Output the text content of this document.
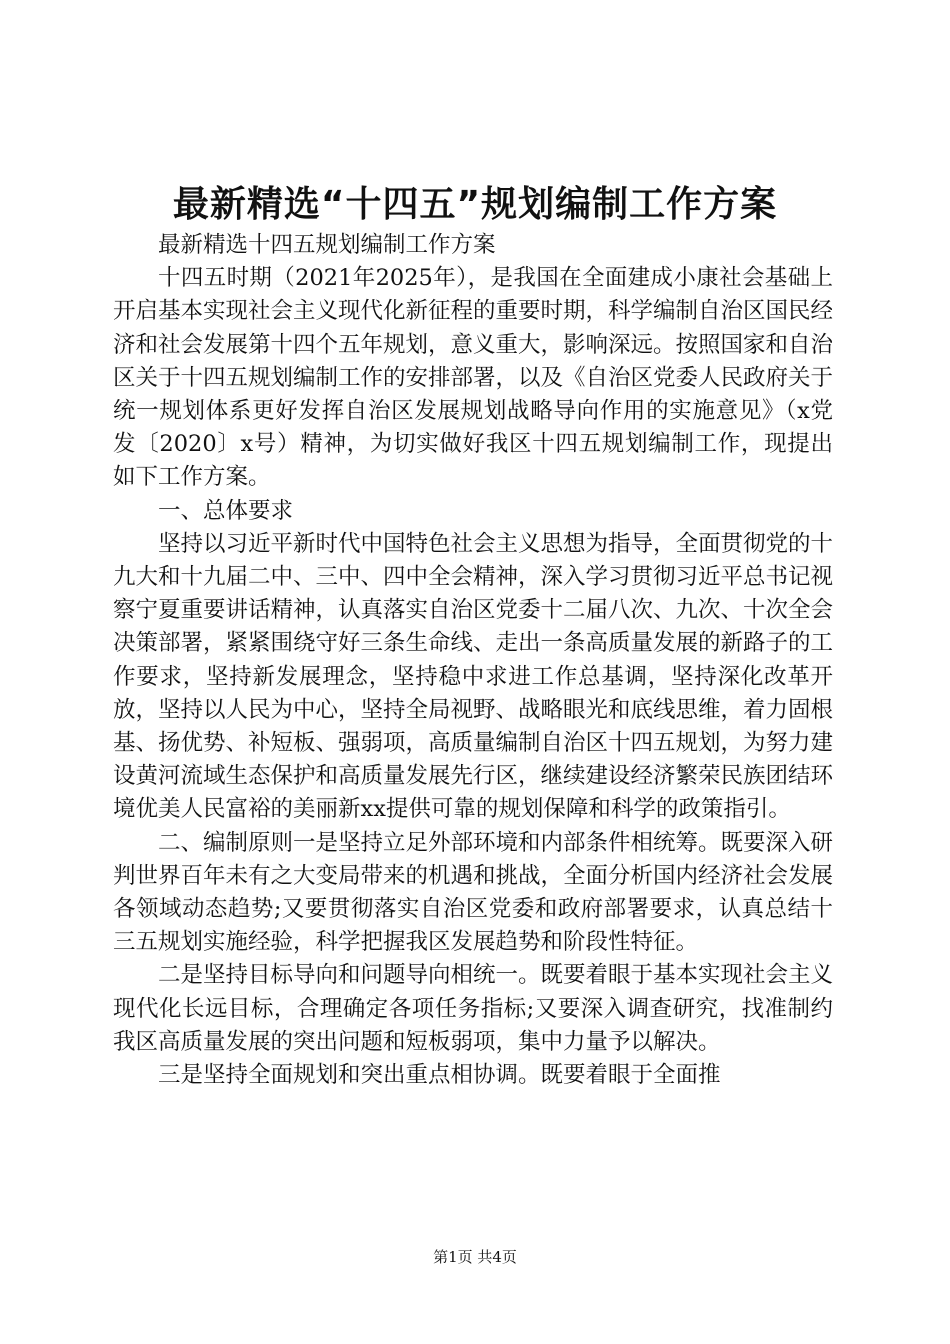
最新精选“十四五”规划编制工作方案

最新精选十四五规划编制工作方案

十四五时期（2021年2025年），是我国在全面建成小康社会基础上开启基本实现社会主义现代化新征程的重要时期，科学编制自治区国民经济和社会发展第十四个五年规划，意义重大，影响深远。按照国家和自治区关于十四五规划编制工作的安排部署，以及《自治区党委人民政府关于统一规划体系更好发挥自治区发展规划战略导向作用的实施意见》（x党发〔2020〕x号）精神，为切实做好我区十四五规划编制工作，现提出如下工作方案。

一、总体要求

坚持以习近平新时代中国特色社会主义思想为指导，全面贯彻党的十九大和十九届二中、三中、四中全会精神，深入学习贯彻习近平总书记视察宁夏重要讲话精神，认真落实自治区党委十二届八次、九次、十次全会决策部署，紧紧围绕守好三条生命线、走出一条高质量发展的新路子的工作要求，坚持新发展理念，坚持稳中求进工作总基调，坚持深化改革开放，坚持以人民为中心，坚持全局视野、战略眼光和底线思维，着力固根基、扬优势、补短板、强弱项，高质量编制自治区十四五规划，为努力建设黄河流域生态保护和高质量发展先行区，继续建设经济繁荣民族团结环境优美人民富裕的美丽新xx提供可靠的规划保障和科学的政策指引。

二、编制原则一是坚持立足外部环境和内部条件相统筹。既要深入研判世界百年未有之大变局带来的机遇和挑战，全面分析国内经济社会发展各领域动态趋势;又要贯彻落实自治区党委和政府部署要求，认真总结十三五规划实施经验，科学把握我区发展趋势和阶段性特征。

二是坚持目标导向和问题导向相统一。既要着眼于基本实现社会主义现代化长远目标，合理确定各项任务指标;又要深入调查研究，找准制约我区高质量发展的突出问题和短板弱项，集中力量予以解决。

三是坚持全面规划和突出重点相协调。既要着眼于全面推

第1页 共4页
